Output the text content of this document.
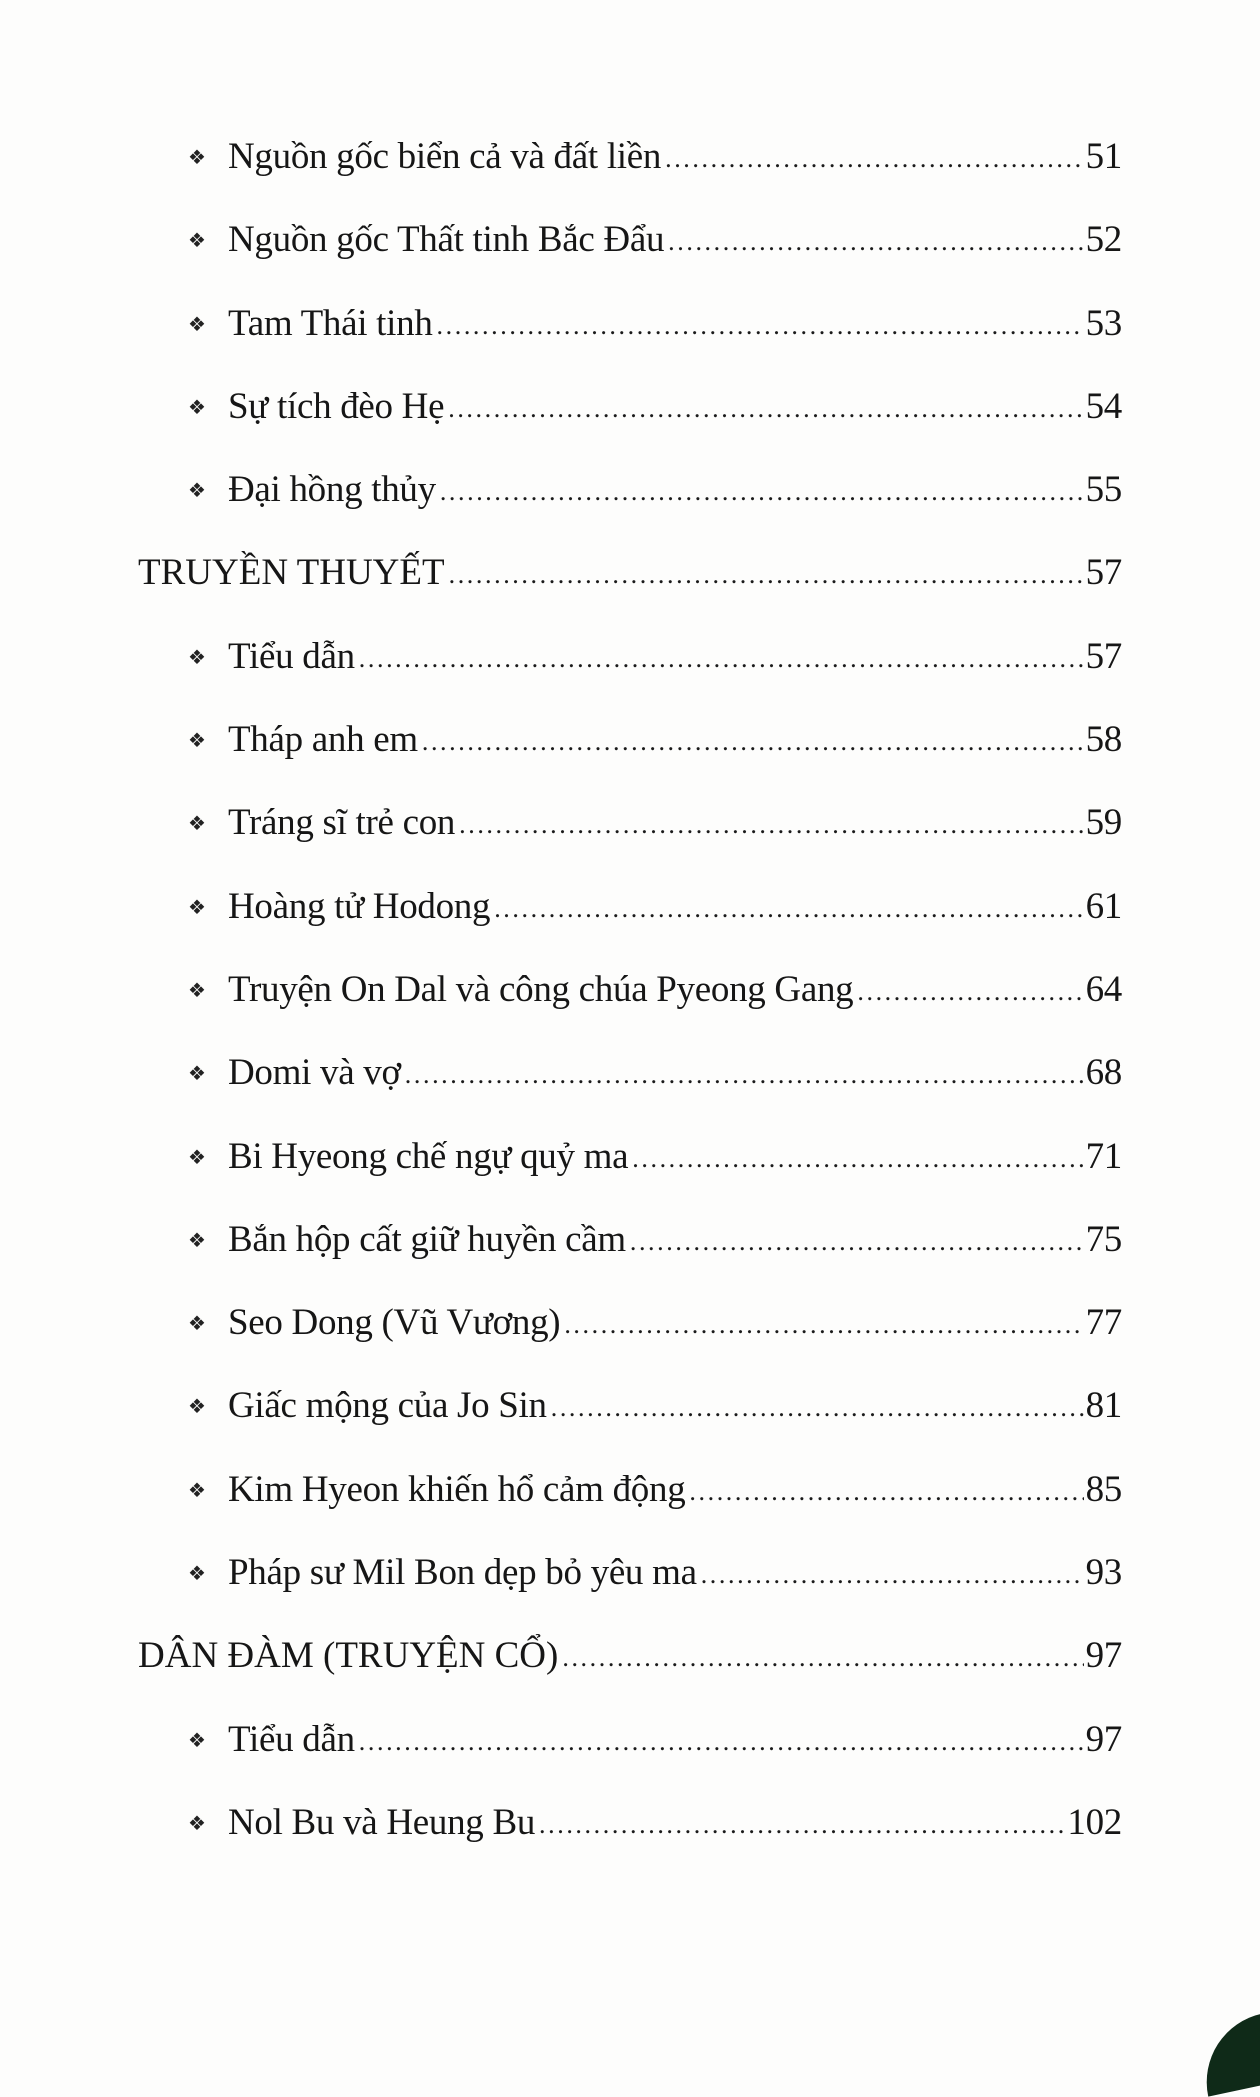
❖ Nguồn gốc biển cả và đất liền .....	51
❖ Nguồn gốc Thất tinh Bắc Đẩu .....	52
❖ Tam Thái tinh .....	53
❖ Sự tích đèo Hẹ .....	54
❖ Đại hồng thủy .....	55
TRUYỀN THUYẾT .....	57
❖ Tiểu dẫn .....	57
❖ Tháp anh em .....	58
❖ Tráng sĩ trẻ con .....	59
❖ Hoàng tử Hodong .....	61
❖ Truyện On Dal và công chúa Pyeong Gang .....	64
❖ Domi và vợ .....	68
❖ Bi Hyeong chế ngự quỷ ma .....	71
❖ Bắn hộp cất giữ huyền cầm .....	75
❖ Seo Dong (Vũ Vương) .....	77
❖ Giấc mộng của Jo Sin .....	81
❖ Kim Hyeon khiến hổ cảm động .....	85
❖ Pháp sư Mil Bon dẹp bỏ yêu ma .....	93
DÂN ĐÀM (TRUYỆN CỔ) .....	97
❖ Tiểu dẫn .....	97
❖ Nol Bu và Heung Bu .....	102
